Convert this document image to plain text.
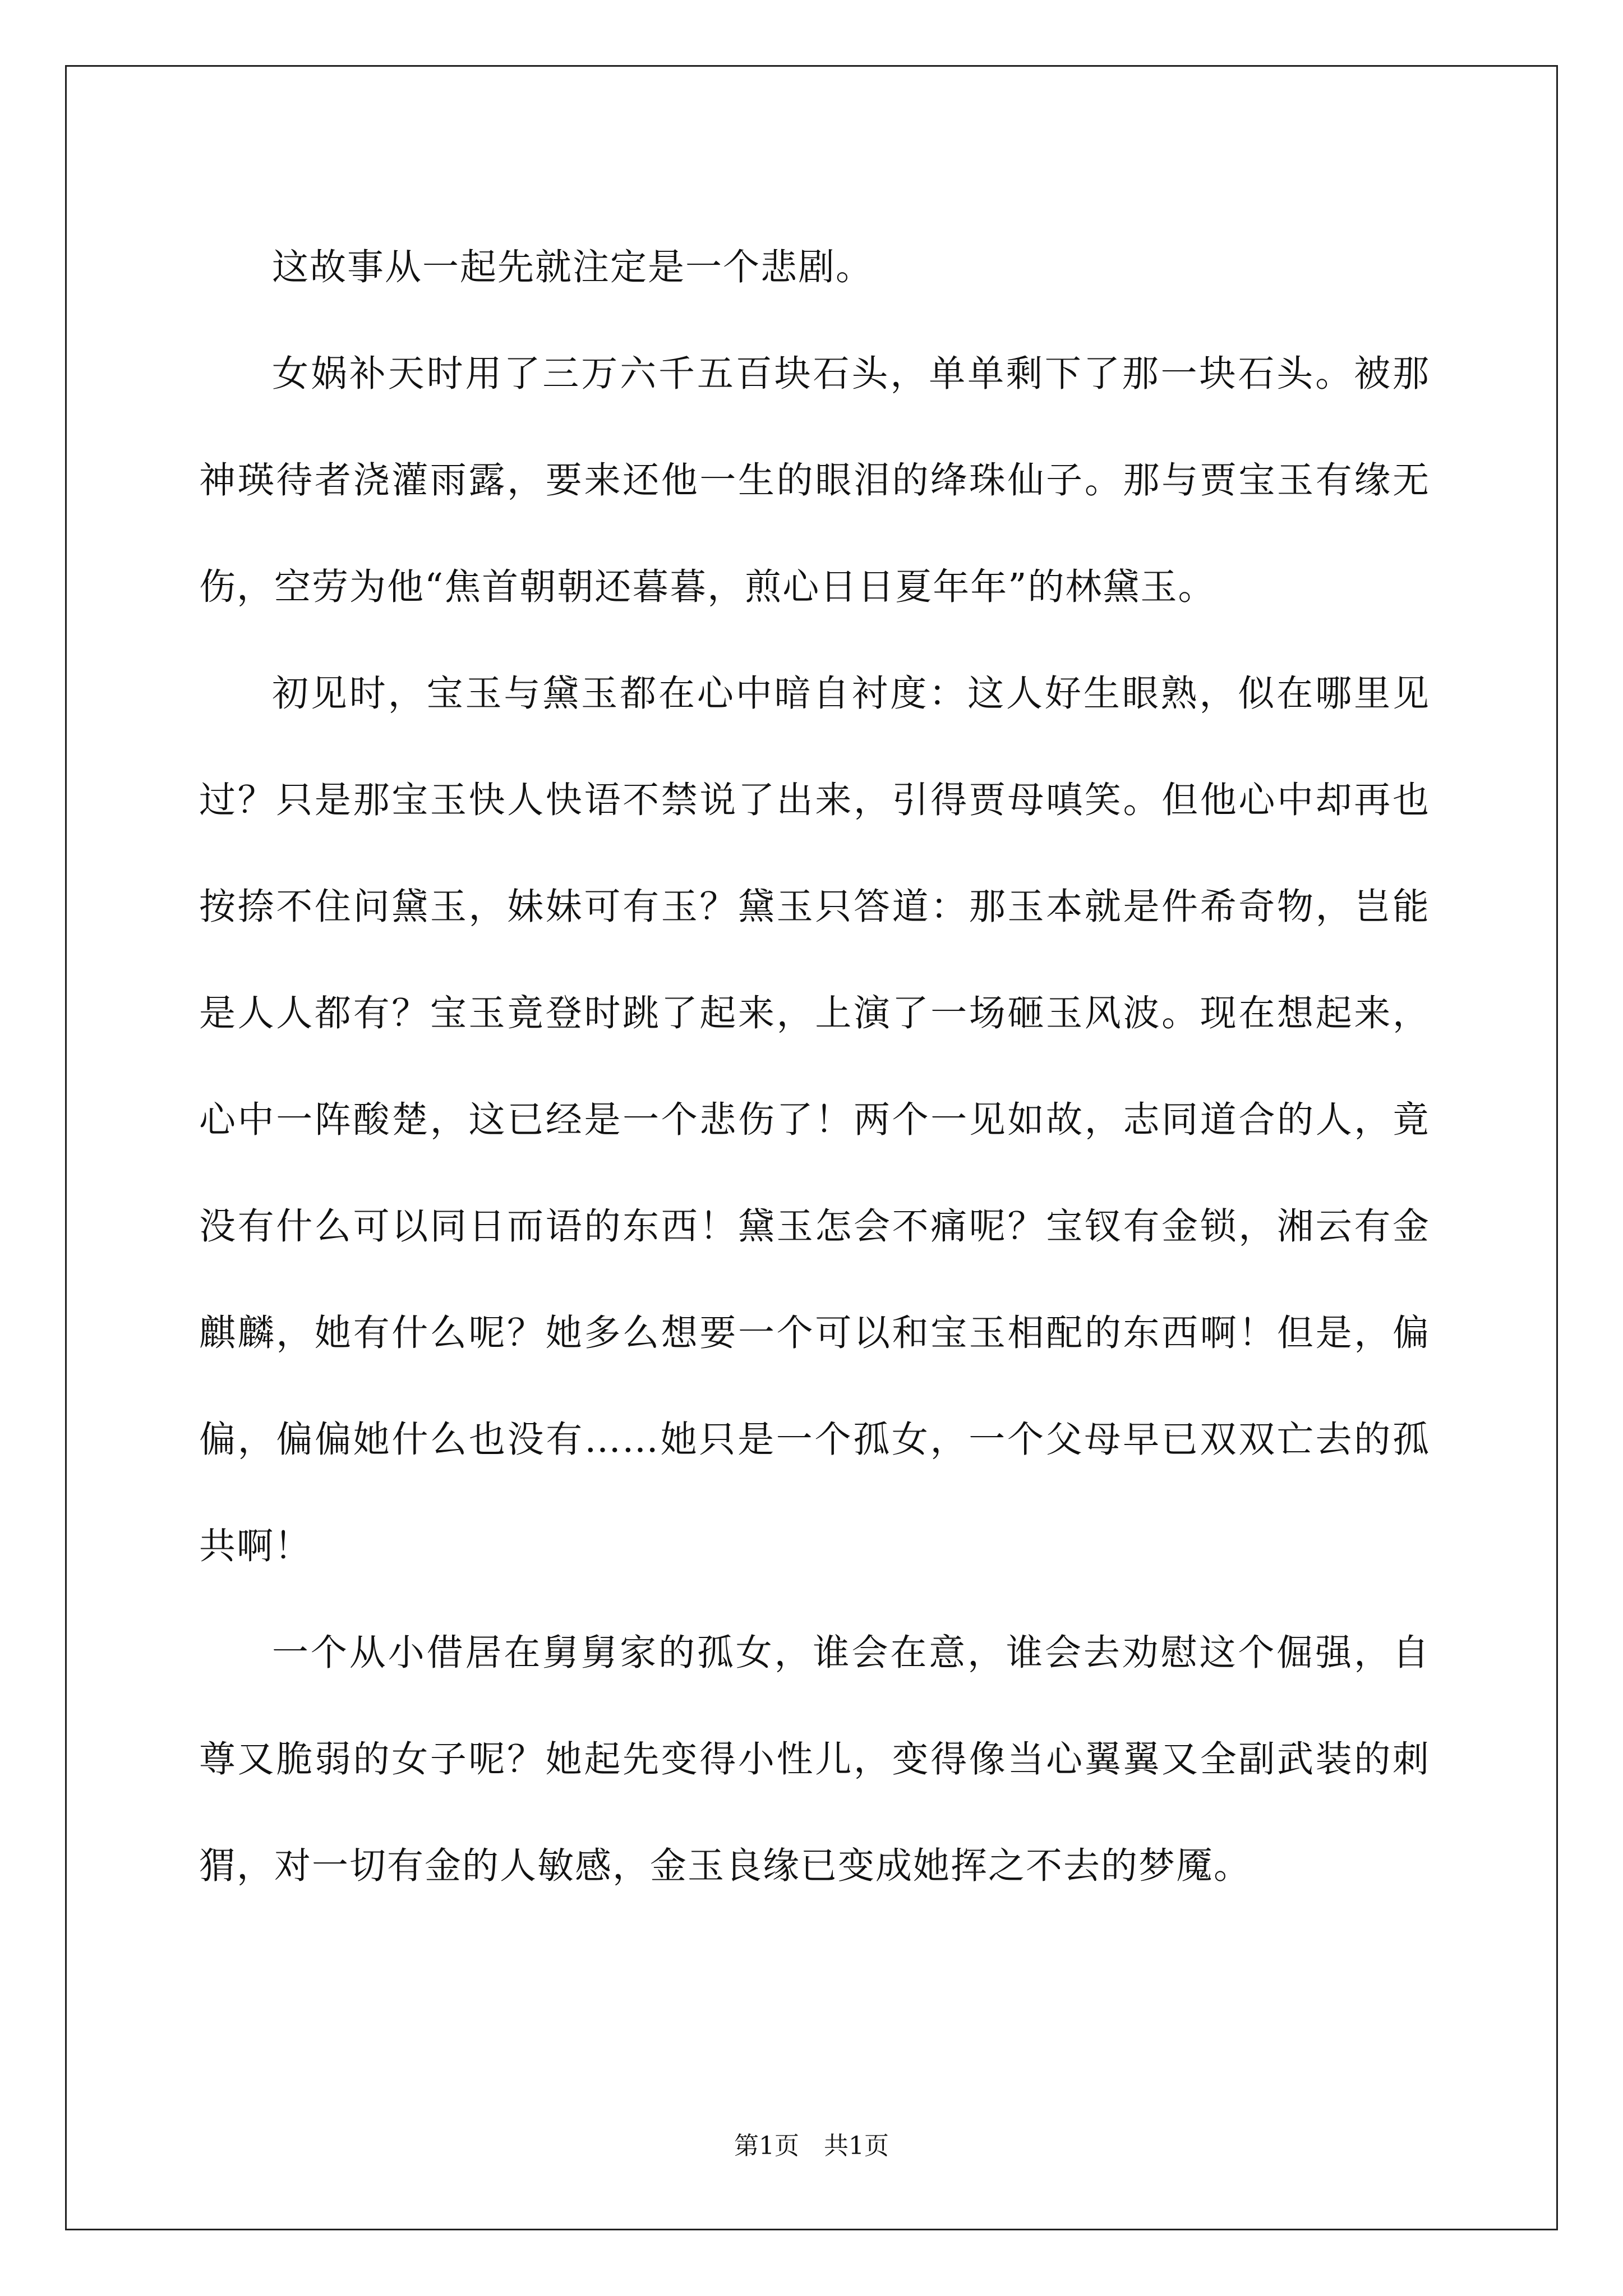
这故事从一起先就注定是一个悲剧。

女娲补天时用了三万六千五百块石头，单单剩下了那一块石头。被那神瑛待者浇灌雨露，要来还他一生的眼泪的绛珠仙子。那与贾宝玉有缘无伤，空劳为他“焦首朝朝还暮暮，煎心日日夏年年”的林黛玉。

初见时，宝玉与黛玉都在心中暗自衬度：这人好生眼熟，似在哪里见过？只是那宝玉快人快语不禁说了出来，引得贾母嗔笑。但他心中却再也按捺不住问黛玉，妹妹可有玉？黛玉只答道：那玉本就是件希奇物，岂能是人人都有？宝玉竟登时跳了起来，上演了一场砸玉风波。现在想起来，心中一阵酸楚，这已经是一个悲伤了！两个一见如故，志同道合的人，竟没有什么可以同日而语的东西！黛玉怎会不痛呢？宝钗有金锁，湘云有金麒麟，她有什么呢？她多么想要一个可以和宝玉相配的东西啊！但是，偏偏，偏偏她什么也没有……她只是一个孤女，一个父母早已双双亡去的孤共啊！

一个从小借居在舅舅家的孤女，谁会在意，谁会去劝慰这个倔强，自尊又脆弱的女子呢？她起先变得小性儿，变得像当心翼翼又全副武装的刺猬，对一切有金的人敏感，金玉良缘已变成她挥之不去的梦魇。

第1页　共1页
